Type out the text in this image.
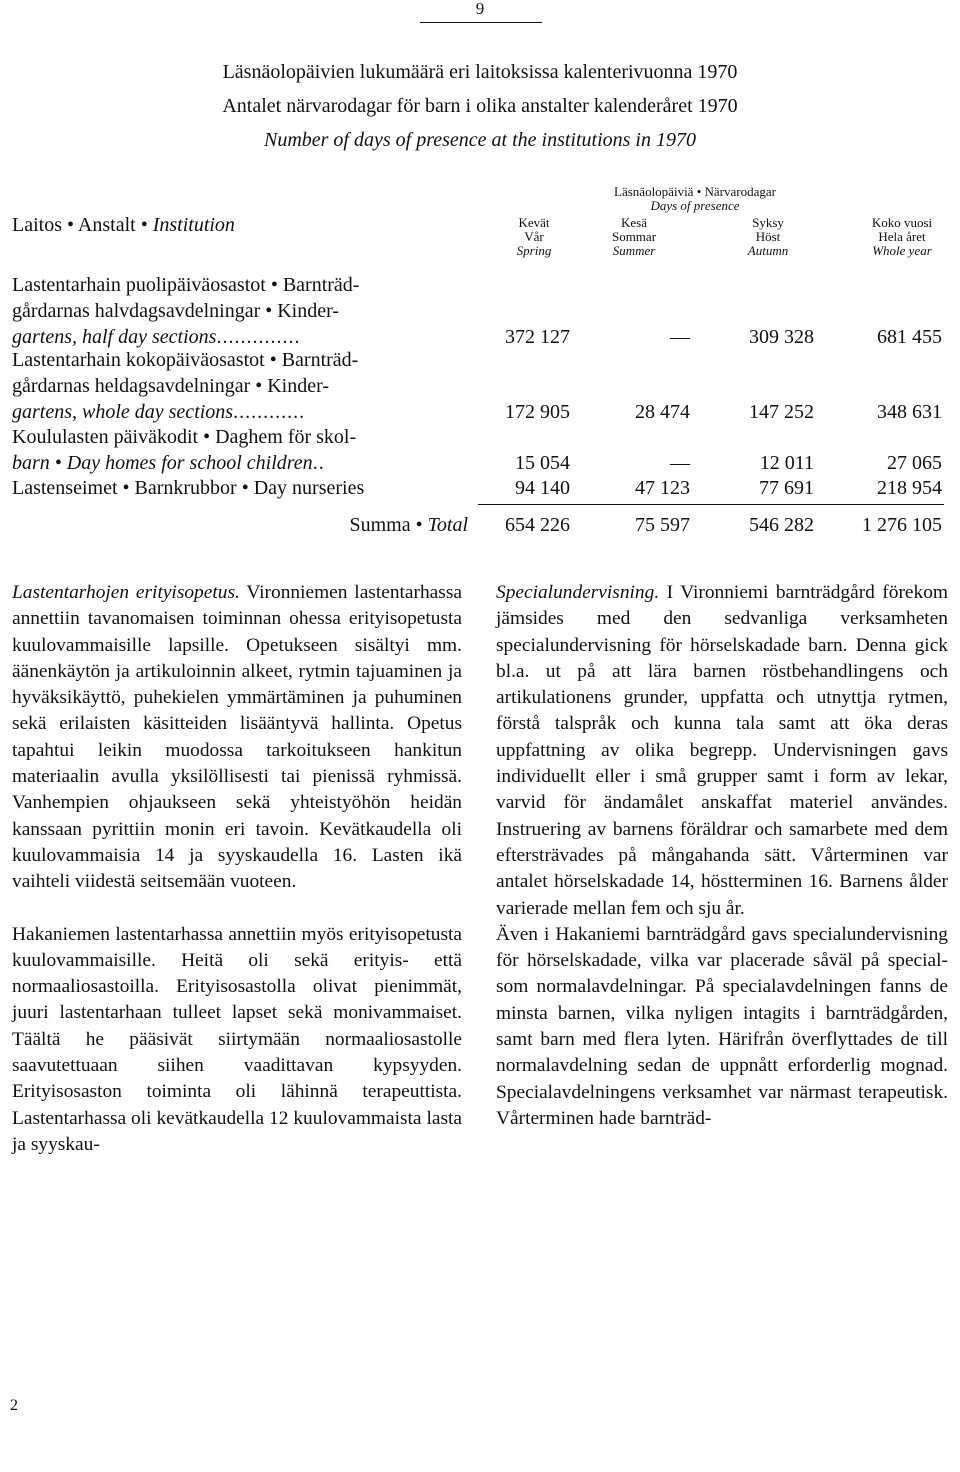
9
Läsnäolopäivien lukumäärä eri laitoksissa kalenterivuonna 1970
Antalet närvarodagar för barn i olika anstalter kalenderåret 1970
Number of days of presence at the institutions in 1970
Laitos • Anstalt • Institution
Läsnäolopäiviä • Närvarodagar
Days of presence
Kevät
Vår
Spring
Kesä
Sommar
Summer
Syksy
Höst
Autumn
Koko vuosi
Hela året
Whole year
Lastentarhain puolipäiväosastot • Barnträd-
gårdarnas halvdagsavdelningar • Kinder-
gartens, half day sections..............	372 127	—	309 328	681 455
Lastentarhain kokopäiväosastot • Barnträd-
gårdarnas heldagsavdelningar • Kinder-
gartens, whole day sections............	172 905	28 474	147 252	348 631
Koululasten päiväkodit • Daghem för skol-
barn • Day homes for school children..	15 054	—	12 011	27 065
Lastenseimet • Barnkrubbor • Day nurseries	94 140	47 123	77 691	218 954
Summa • Total	654 226	75 597	546 282	1 276 105

Lastentarhojen erityisopetus. Vironniemen lastentarhassa annettiin tavanomaisen toiminnan ohessa erityisopetusta kuulovammaisille lapsille. Opetukseen sisältyi mm. äänenkäytön ja artikuloinnin alkeet, rytmin tajuaminen ja hyväksikäyttö, puhekielen ymmärtäminen ja puhuminen sekä erilaisten käsitteiden lisääntyvä hallinta. Opetus tapahtui leikin muodossa tarkoitukseen hankitun materiaalin avulla yksilöllisesti tai pienissä ryhmissä. Vanhempien ohjaukseen sekä yhteistyöhön heidän kanssaan pyrittiin monin eri tavoin. Kevätkaudella oli kuulovammaisia 14 ja syyskaudella 16. Lasten ikä vaihteli viidestä seitsemään vuoteen.

Hakaniemen lastentarhassa annettiin myös erityisopetusta kuulovammaisille. Heitä oli sekä erityis- että normaaliosastoilla. Erityisosastolla olivat pienimmät, juuri lastentarhaan tulleet lapset sekä monivammaiset. Täältä he pääsivät siirtymään normaaliosastolle saavutettuaan siihen vaadittavan kypsyyden. Erityisosaston toiminta oli lähinnä terapeuttista. Lastentarhassa oli kevätkaudella 12 kuulovammaista lasta ja syyskau-

Specialundervisning. I Vironniemi barnträdgård förekom jämsides med den sedvanliga verksamheten specialundervisning för hörselskadade barn. Denna gick bl.a. ut på att lära barnen röstbehandlingens och artikulationens grunder, uppfatta och utnyttja rytmen, förstå talspråk och kunna tala samt att öka deras uppfattning av olika begrepp. Undervisningen gavs individuellt eller i små grupper samt i form av lekar, varvid för ändamålet anskaffat materiel användes. Instruering av barnens föräldrar och samarbete med dem eftersträvades på mångahanda sätt. Vårterminen var antalet hörselskadade 14, höstterminen 16. Barnens ålder varierade mellan fem och sju år.

Även i Hakaniemi barnträdgård gavs specialundervisning för hörselskadade, vilka var placerade såväl på special- som normalavdelningar. På specialavdelningen fanns de minsta barnen, vilka nyligen intagits i barnträdgården, samt barn med flera lyten. Härifrån överflyttades de till normalavdelning sedan de uppnått erforderlig mognad. Specialavdelningens verksamhet var närmast terapeutisk. Vårterminen hade barnträd-

2
